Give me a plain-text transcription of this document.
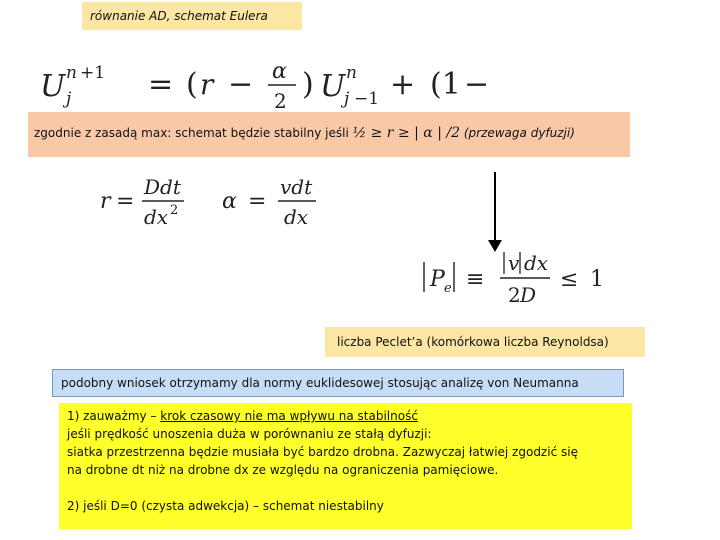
równanie AD, schemat Eulera
U n +1
j	= ( r − α
2 ) U n
j −1 + (1 −
zgodnie z zasadą max: schemat będzie stabilny jeśli ½ ≥ r ≥ | α | /2 (przewaga dyfuzji)
r =
Ddt
dx 2 α =
vdt
dx
P e ≡
v dx
2 D
≤ 1
liczba Peclet’a (komórkowa liczba Reynoldsa)
podobny wniosek otrzymamy dla normy euklidesowej stosując analizę von Neumanna

1) zauważmy – krok czasowy nie ma wpływu na stabilność

jeśli prędkość unoszenia duża w porównaniu ze stałą dyfuzji:

siatka przestrzenna będzie musiała być bardzo drobna. Zazwyczaj łatwiej zgodzić się

na drobne dt niż na drobne dx ze względu na ograniczenia pamięciowe.

2) jeśli D=0 (czysta adwekcja) – schemat niestabilny
